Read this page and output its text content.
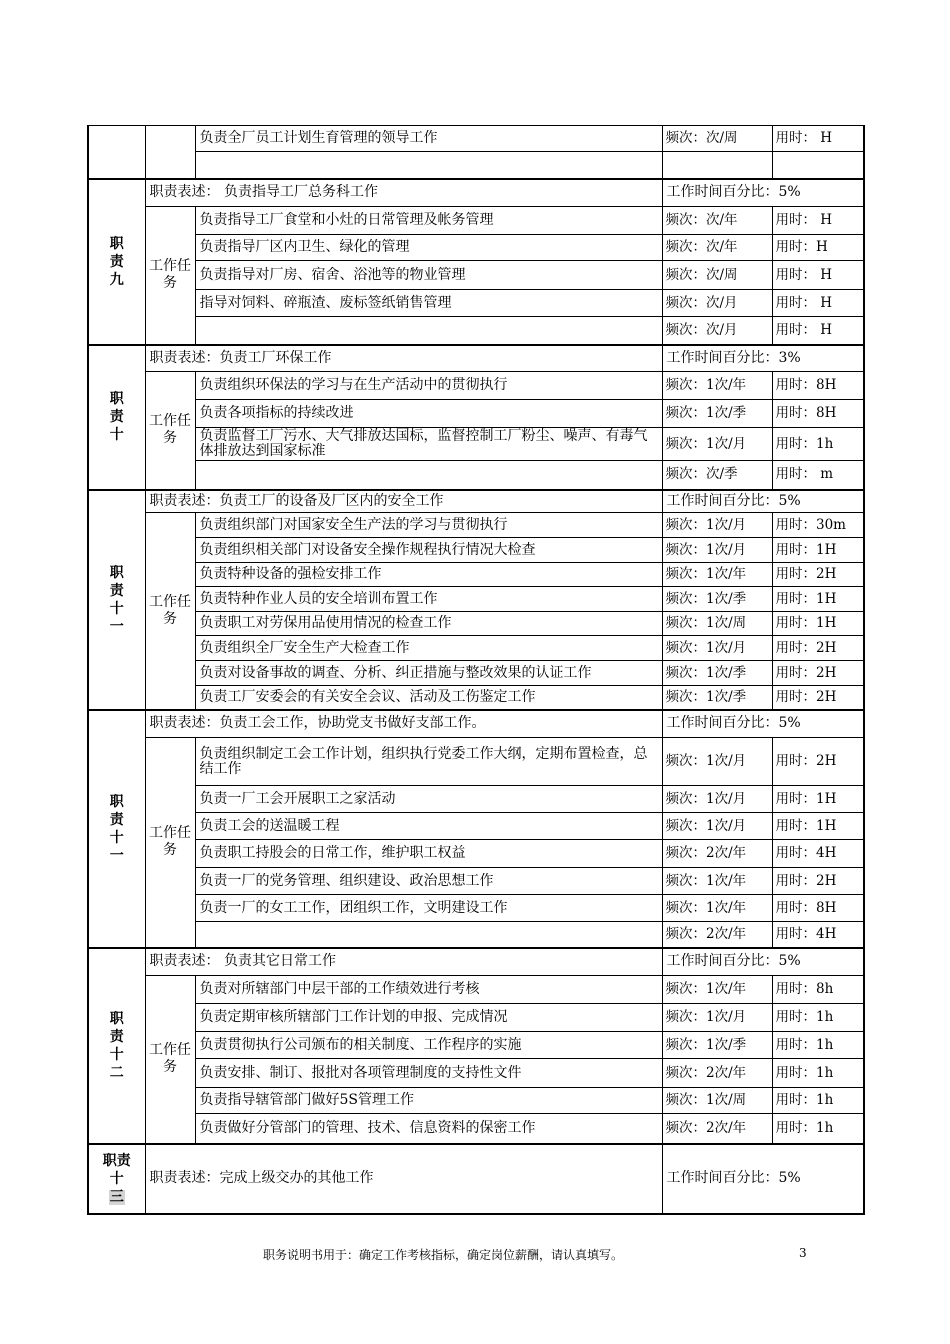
		负责全厂员工计划生育管理的领导工作	频次：次/周	用时： H

职
责
九	职责表述： 负责指导工厂总务科工作		工作时间百分比：5%	
	工作任务	负责指导工厂食堂和小灶的日常管理及帐务管理	频次：次/年	用时： H
		负责指导厂区内卫生、绿化的管理	频次：次/年	用时：H
		负责指导对厂房、宿舍、浴池等的物业管理	频次：次/周	用时： H
		指导对饲料、碎瓶渣、废标签纸销售管理	频次：次/月	用时： H
			频次：次/月	用时： H

职
责
十	职责表述：负责工厂环保工作		工作时间百分比：3%	
	工作任务	负责组织环保法的学习与在生产活动中的贯彻执行	频次：1次/年	用时：8H
		负责各项指标的持续改进	频次：1次/季	用时：8H
		负责监督工厂污水、大气排放达国标，监督控制工厂粉尘、噪声、有毒气体排放达到国家标准	频次：1次/月	用时：1h
			频次：次/季	用时： m

职
责
十
一	职责表述：负责工厂的设备及厂区内的安全工作		工作时间百分比：5%	
	工作任务	负责组织部门对国家安全生产法的学习与贯彻执行	频次：1次/月	用时：30m
		负责组织相关部门对设备安全操作规程执行情况大检查	频次：1次/月	用时：1H
		负责特种设备的强检安排工作	频次：1次/年	用时：2H
		负责特种作业人员的安全培训布置工作	频次：1次/季	用时：1H
		负责职工对劳保用品使用情况的检查工作	频次：1次/周	用时：1H
		负责组织全厂安全生产大检查工作	频次：1次/月	用时：2H
		负责对设备事故的调查、分析、纠正措施与整改效果的认证工作	频次：1次/季	用时：2H
		负责工厂安委会的有关安全会议、活动及工伤鉴定工作	频次：1次/季	用时：2H

职
责
十
一	职责表述：负责工会工作，协助党支书做好支部工作。		工作时间百分比：5%	
	工作任务	负责组织制定工会工作计划，组织执行党委工作大纲，定期布置检查，总结工作	频次：1次/月	用时：2H
		负责一厂工会开展职工之家活动	频次：1次/月	用时：1H
		负责工会的送温暖工程	频次：1次/月	用时：1H
		负责职工持股会的日常工作，维护职工权益	频次：2次/年	用时：4H
		负责一厂的党务管理、组织建设、政治思想工作	频次：1次/年	用时：2H
		负责一厂的女工工作，团组织工作，文明建设工作	频次：1次/年	用时：8H
			频次：2次/年	用时：4H

职
责
十
二	职责表述： 负责其它日常工作		工作时间百分比：5%	
	工作任务	负责对所辖部门中层干部的工作绩效进行考核	频次：1次/年	用时：8h
		负责定期审核所辖部门工作计划的申报、完成情况	频次：1次/月	用时：1h
		负责贯彻执行公司颁布的相关制度、工作程序的实施	频次：1次/季	用时：1h
		负责安排、制订、报批对各项管理制度的支持性文件	频次：2次/年	用时：1h
		负责指导辖管部门做好5S管理工作	频次：1次/周	用时：1h
		负责做好分管部门的管理、技术、信息资料的保密工作	频次：2次/年	用时：1h

职责
十
三	职责表述：完成上级交办的其他工作		工作时间百分比：5%	
职务说明书用于：确定工作考核指标，确定岗位薪酬，请认真填写。	3
